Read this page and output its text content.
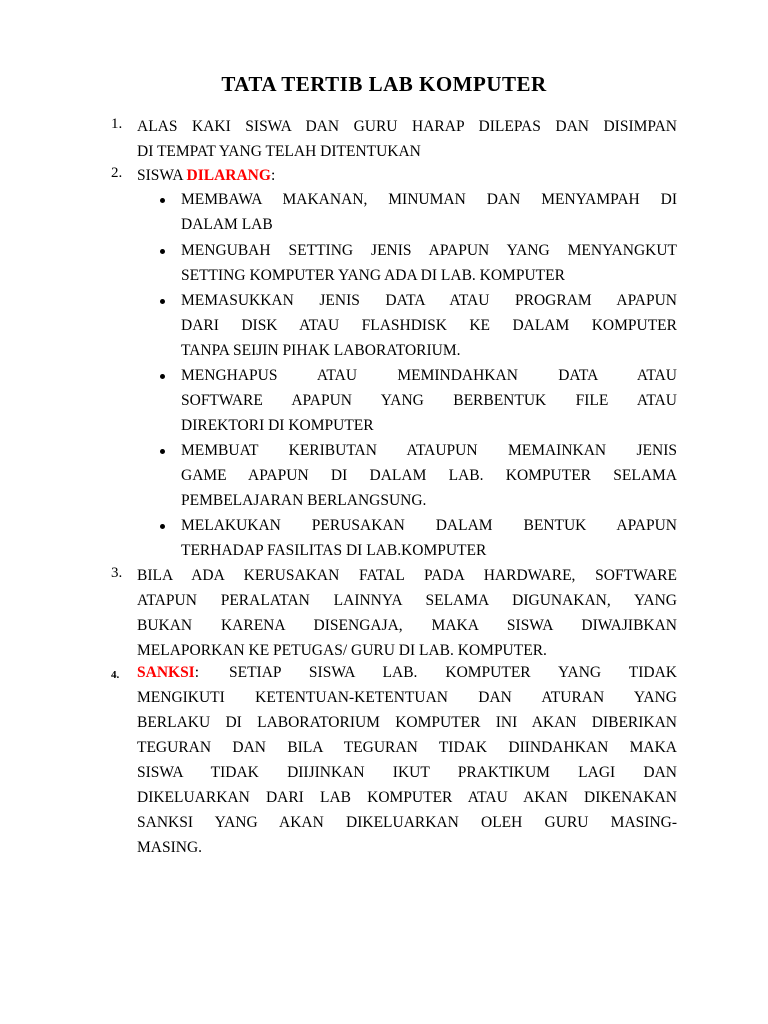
TATA TERTIB LAB KOMPUTER
1. ALAS KAKI SISWA DAN GURU HARAP DILEPAS DAN DISIMPAN
DI TEMPAT YANG TELAH DITENTUKAN
2. SISWA DILARANG:
MEMBAWA MAKANAN, MINUMAN DAN MENYAMPAH DI
DALAM LAB
MENGUBAH SETTING JENIS APAPUN YANG MENYANGKUT
SETTING KOMPUTER YANG ADA DI LAB. KOMPUTER
MEMASUKKAN JENIS DATA ATAU PROGRAM APAPUN
DARI DISK ATAU FLASHDISK KE DALAM KOMPUTER
TANPA SEIJIN PIHAK LABORATORIUM.
MENGHAPUS ATAU MEMINDAHKAN DATA ATAU
SOFTWARE APAPUN YANG BERBENTUK FILE ATAU
DIREKTORI DI KOMPUTER
MEMBUAT KERIBUTAN ATAUPUN MEMAINKAN JENIS
GAME APAPUN DI DALAM LAB. KOMPUTER SELAMA
PEMBELAJARAN BERLANGSUNG.
MELAKUKAN PERUSAKAN DALAM BENTUK APAPUN
TERHADAP FASILITAS DI LAB.KOMPUTER
3. BILA ADA KERUSAKAN FATAL PADA HARDWARE, SOFTWARE
ATAPUN PERALATAN LAINNYA SELAMA DIGUNAKAN, YANG
BUKAN KARENA DISENGAJA, MAKA SISWA DIWAJIBKAN
MELAPORKAN KE PETUGAS/ GURU DI LAB. KOMPUTER.
4. SANKSI: SETIAP SISWA LAB. KOMPUTER YANG TIDAK
MENGIKUTI KETENTUAN-KETENTUAN DAN ATURAN YANG
BERLAKU DI LABORATORIUM KOMPUTER INI AKAN DIBERIKAN
TEGURAN DAN BILA TEGURAN TIDAK DIINDAHKAN MAKA
SISWA TIDAK DIIJINKAN IKUT PRAKTIKUM LAGI DAN
DIKELUARKAN DARI LAB KOMPUTER ATAU AKAN DIKENAKAN
SANKSI YANG AKAN DIKELUARKAN OLEH GURU MASING-
MASING.
